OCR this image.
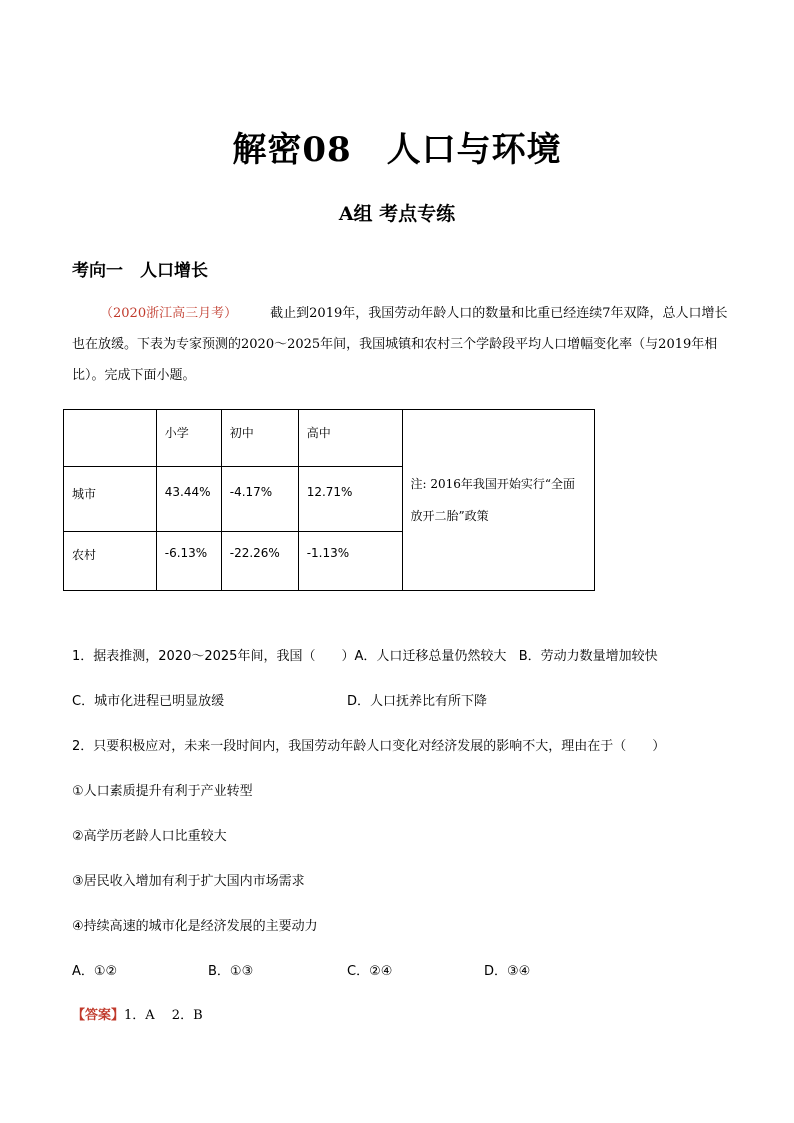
解密08　人口与环境
A组 考点专练
考向一　人口增长
（2020浙江高三月考）	截止到2019年，我国劳动年龄人口的数量和比重已经连续7年双降，总人口增长也在放缓。下表为专家预测的2020～2025年间，我国城镇和农村三个学龄段平均人口增幅变化率（与2019年相比）。完成下面小题。
	小学	初中	高中	注: 2016年我国开始实行“全面放开二胎”政策
城市	43.44%	-4.17%	12.71%	
农村	-6.13%	-22.26%	-1.13%	
1．据表推测，2020～2025年间，我国（　　）A．人口迁移总量仍然较大 B．劳动力数量增加较快
C．城市化进程已明显放缓	D．人口抚养比有所下降
2．只要积极应对，未来一段时间内，我国劳动年龄人口变化对经济发展的影响不大，理由在于（　　）
①人口素质提升有利于产业转型
②高学历老龄人口比重较大
③居民收入增加有利于扩大国内市场需求
④持续高速的城市化是经济发展的主要动力
A．①②	B．①③	C．②④	D．③④
【答案】1．A　 2．B
